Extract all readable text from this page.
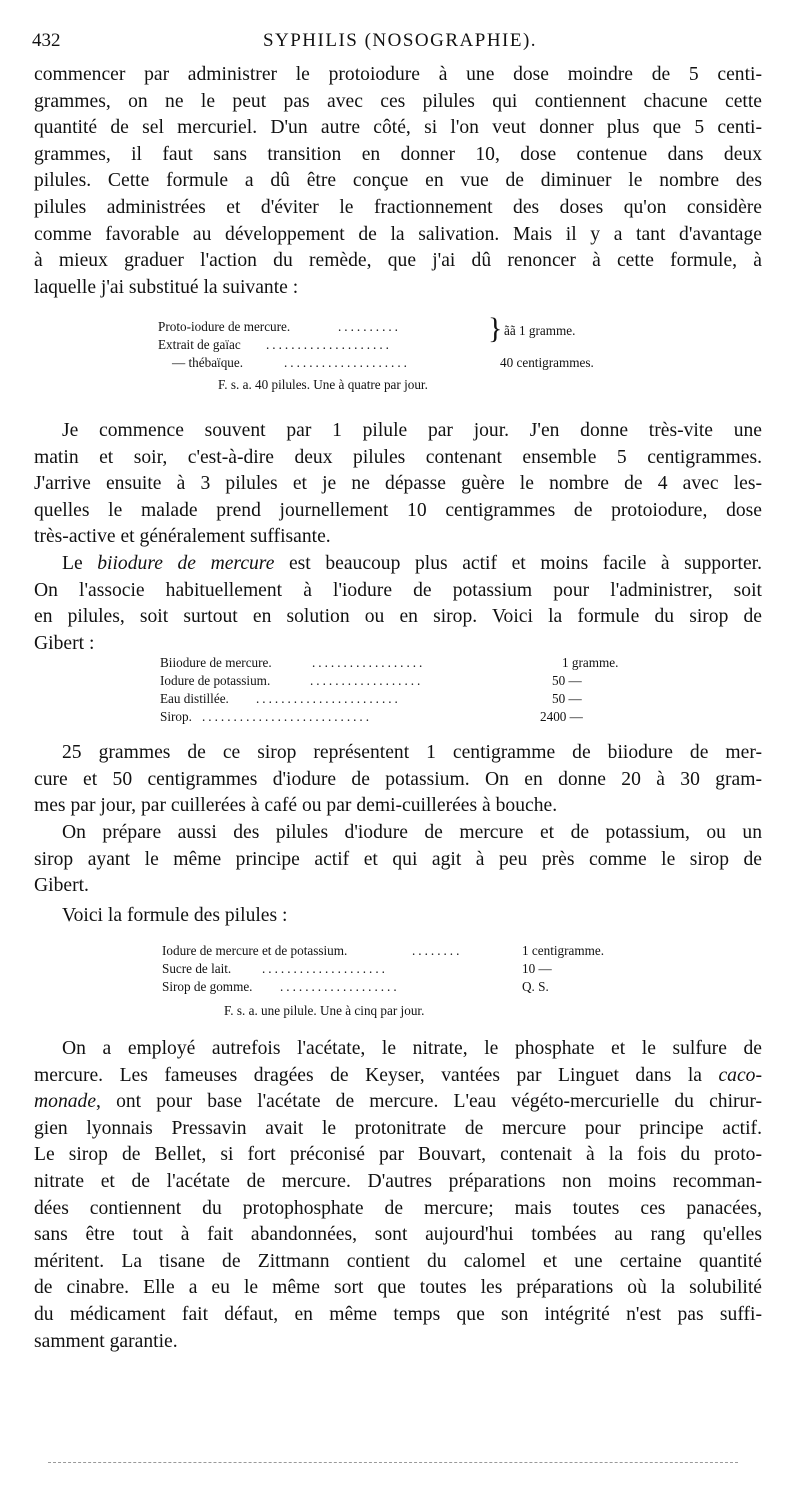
432	SYPHILIS (NOSOGRAPHIE).

commencer par administrer le protoiodure à une dose moindre de 5 centi-

grammes, on ne le peut pas avec ces pilules qui contiennent chacune cette

quantité de sel mercuriel. D'un autre côté, si l'on veut donner plus que 5 centi-

grammes, il faut sans transition en donner 10, dose contenue dans deux

pilules. Cette formule a dû être conçue en vue de diminuer le nombre des

pilules administrées et d'éviter le fractionnement des doses qu'on considère

comme favorable au développement de la salivation. Mais il y a tant d'avantage

à mieux graduer l'action du remède, que j'ai dû renoncer à cette formule, à

laquelle j'ai substitué la suivante :

Proto-iodure de mercure.	..........	} ãã 1 gramme.
Extrait de gaïac ....................
— thébaïque.	....................	40 centigrammes.
F. s. a. 40 pilules. Une à quatre par jour.

Je commence souvent par 1 pilule par jour. J'en donne très-vite une

matin et soir, c'est-à-dire deux pilules contenant ensemble 5 centigrammes.

J'arrive ensuite à 3 pilules et je ne dépasse guère le nombre de 4 avec les-

quelles le malade prend journellement 10 centigrammes de protoiodure, dose

très-active et généralement suffisante.

Le biiodure de mercure est beaucoup plus actif et moins facile à supporter.

On l'associe habituellement à l'iodure de potassium pour l'administrer, soit

en pilules, soit surtout en solution ou en sirop. Voici la formule du sirop de

Gibert :

Biiodure de mercure.	..................	1 gramme.
Iodure de potassium.	..................	50 —
Eau distillée. .......................	50 —
Sirop. ...........................	2400 —

25 grammes de ce sirop représentent 1 centigramme de biiodure de mer-

cure et 50 centigrammes d'iodure de potassium. On en donne 20 à 30 gram-

mes par jour, par cuillerées à café ou par demi-cuillerées à bouche.

On prépare aussi des pilules d'iodure de mercure et de potassium, ou un

sirop ayant le même principe actif et qui agit à peu près comme le sirop de

Gibert.

Voici la formule des pilules :

Iodure de mercure et de potassium.	........	1 centigramme.
Sucre de lait. ....................	10 —
Sirop de gomme. ...................	Q. S.
F. s. a. une pilule. Une à cinq par jour.

On a employé autrefois l'acétate, le nitrate, le phosphate et le sulfure de

mercure. Les fameuses dragées de Keyser, vantées par Linguet dans la caco-

monade, ont pour base l'acétate de mercure. L'eau végéto-mercurielle du chirur-

gien lyonnais Pressavin avait le protonitrate de mercure pour principe actif.

Le sirop de Bellet, si fort préconisé par Bouvart, contenait à la fois du proto-

nitrate et de l'acétate de mercure. D'autres préparations non moins recomman-

dées contiennent du protophosphate de mercure; mais toutes ces panacées,

sans être tout à fait abandonnées, sont aujourd'hui tombées au rang qu'elles

méritent. La tisane de Zittmann contient du calomel et une certaine quantité

de cinabre. Elle a eu le même sort que toutes les préparations où la solubilité

du médicament fait défaut, en même temps que son intégrité n'est pas suffi-

samment garantie.
